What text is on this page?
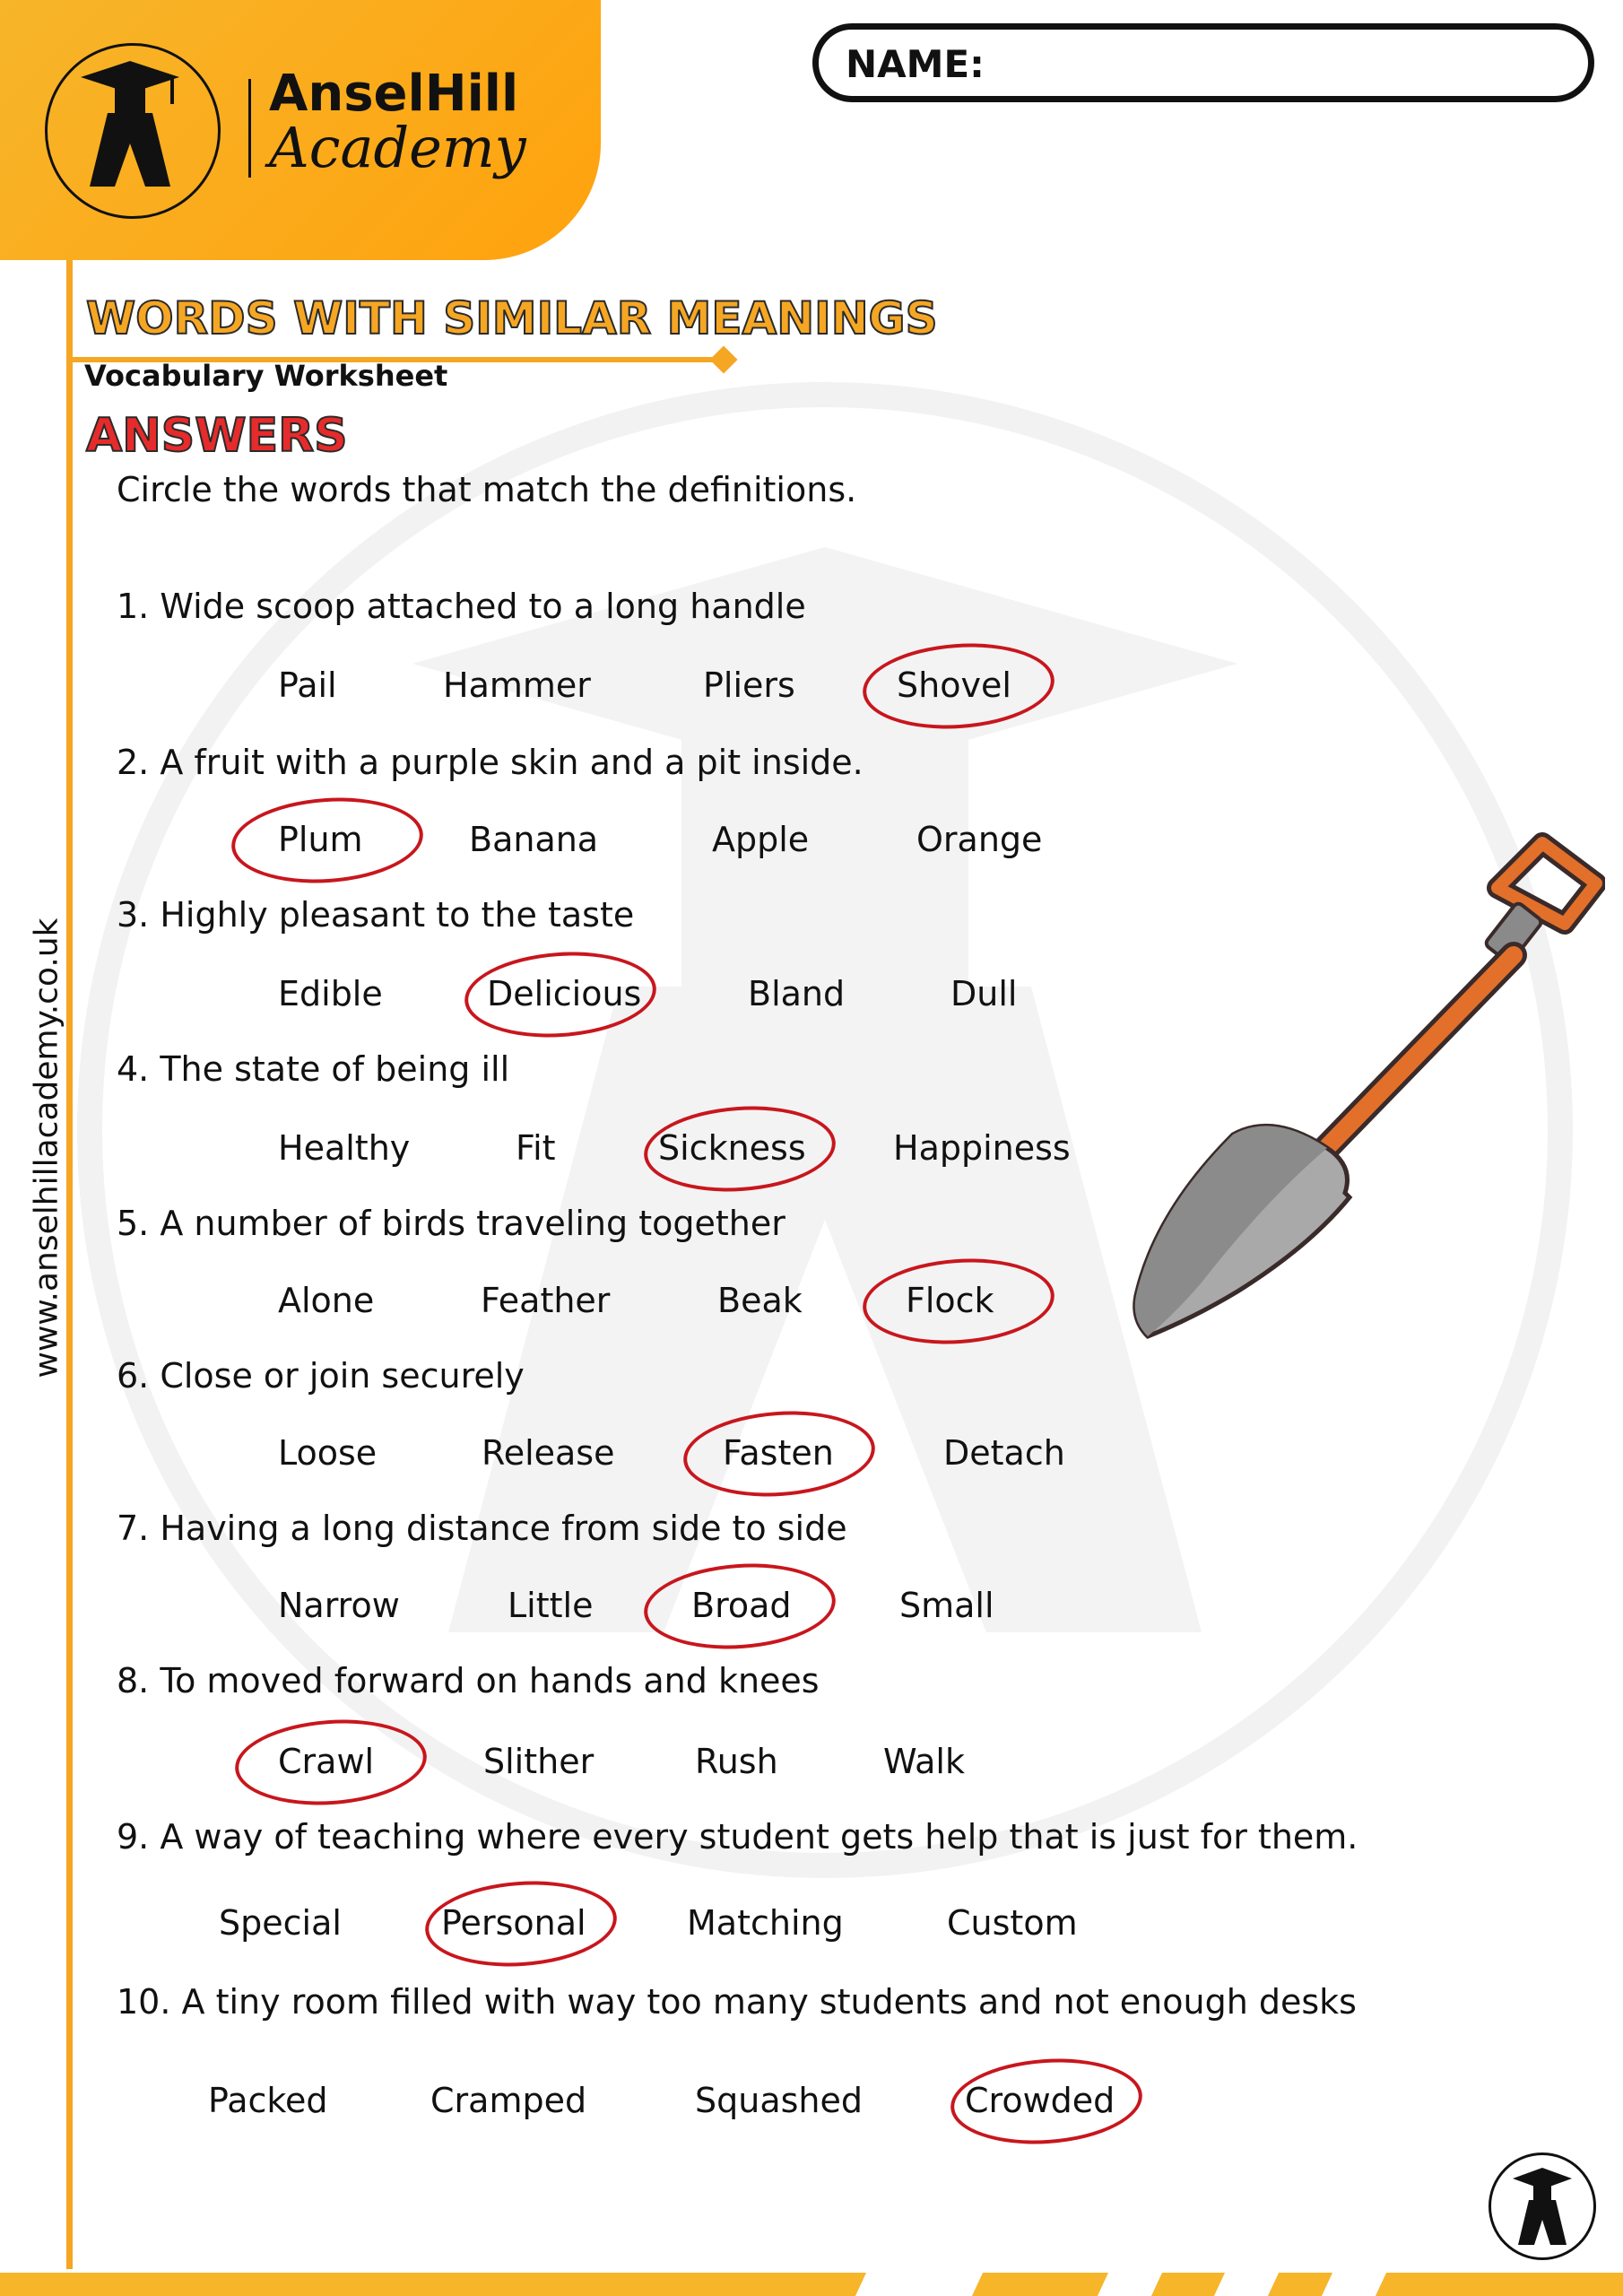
AnselHill
Academy
NAME:
WORDS WITH SIMILAR MEANINGS
Vocabulary Worksheet
ANSWERS
Circle the words that match the definitions.
www.anselhillacademy.co.uk
1. Wide scoop attached to a long handle
Pail	Hammer	Pliers	Shovel
2. A fruit with a purple skin and a pit inside.
Plum	Banana	Apple	Orange
3. Highly pleasant to the taste
Edible	Delicious	Bland	Dull
4. The state of being ill
Healthy	Fit	Sickness	Happiness
5. A number of birds traveling together
Alone	Feather	Beak	Flock
6. Close or join securely
Loose	Release	Fasten	Detach
7. Having a long distance from side to side
Narrow	Little	Broad	Small
8. To moved forward on hands and knees
Crawl	Slither	Rush	Walk
9. A way of teaching where every student gets help that is just for them.
Special	Personal	Matching	Custom
10. A tiny room filled with way too many students and not enough desks
Packed	Cramped	Squashed	Crowded
